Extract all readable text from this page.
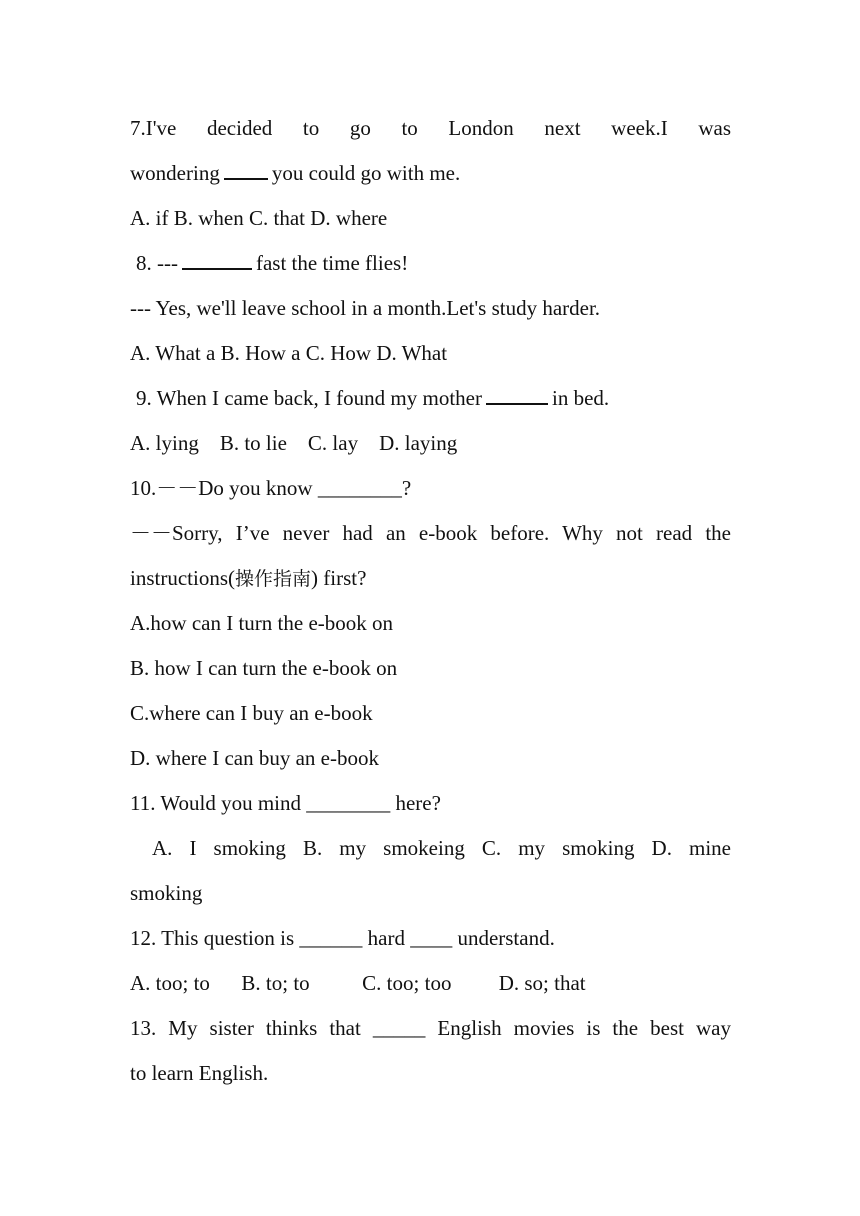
7.I've decided to go to London next week.I was
wondering you could go with me.
A. if B. when C. that D. where
8. ---	fast the time flies!
--- Yes, we'll leave school in a month.Let's study harder.
A. What a B. How a C. How D. What
9. When I came back, I found my mother	in bed.
A. lying    B. to lie    C. lay    D. laying
10.－－Do you know ________?
－－Sorry, I’ve never had an e-book before. Why not read the
instructions(操作指南) first?
A.how can I turn the e-book on
B. how I can turn the e-book on
C.where can I buy an e-book
D. where I can buy an e-book
11. Would you mind ________ here?
A. I smoking B. my smokeing C. my smoking D. mine
smoking
12. This question is ______ hard ____ understand.
A. too; to      B. to; to          C. too; too         D. so; that
13. My sister thinks that _____ English movies is the best way
to learn English.
